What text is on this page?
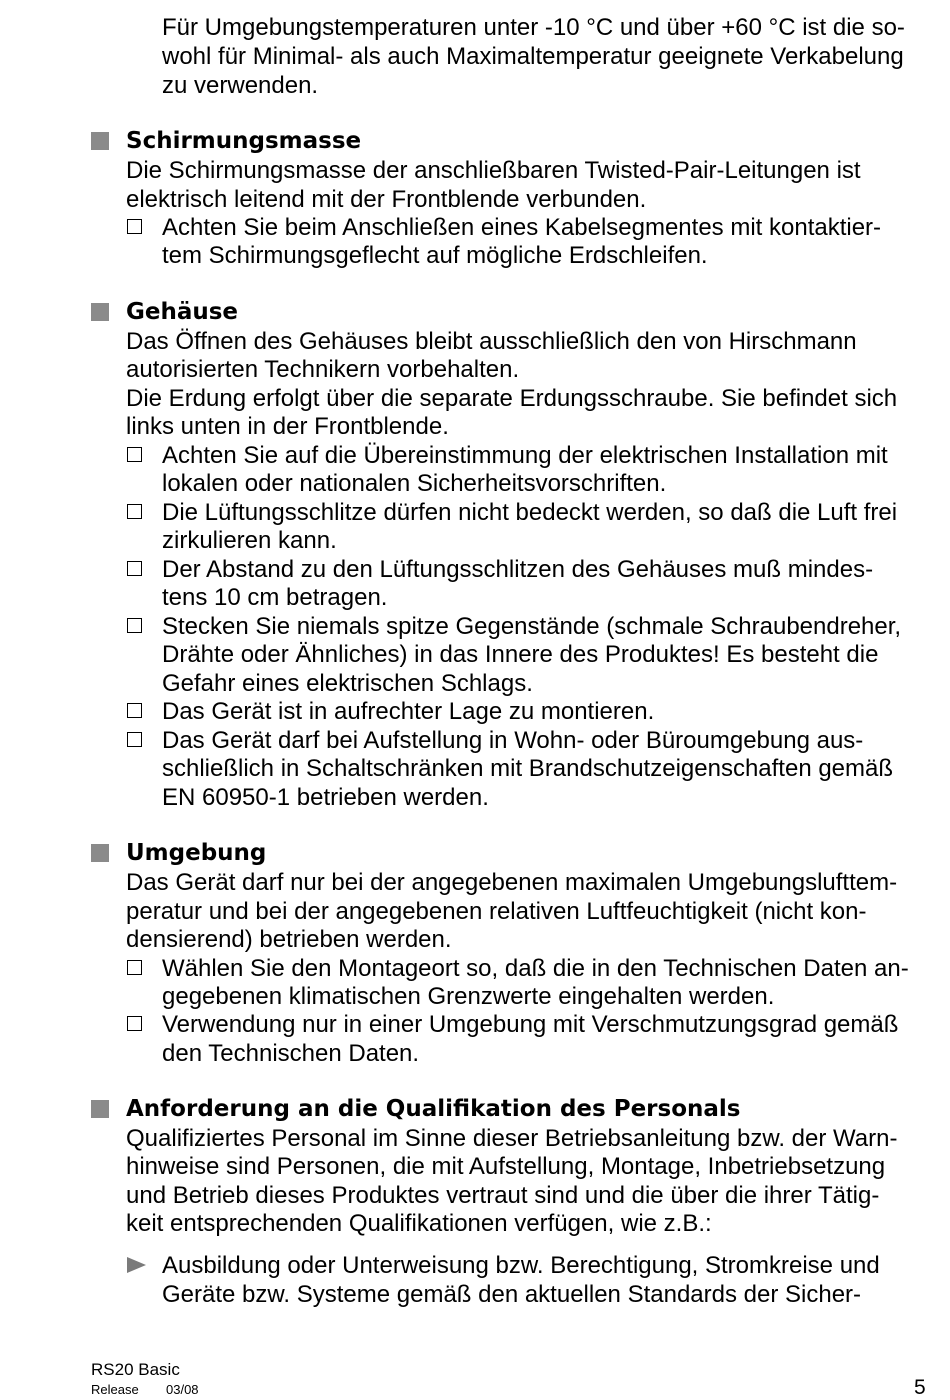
Für Umgebungstemperaturen unter -10 °C und über +60 °C ist die so-
wohl für Minimal- als auch Maximaltemperatur geeignete Verkabelung
zu verwenden.
Schirmungsmasse
Die Schirmungsmasse der anschließbaren Twisted-Pair-Leitungen ist
elektrisch leitend mit der Frontblende verbunden.
Achten Sie beim Anschließen eines Kabelsegmentes mit kontaktier-
tem Schirmungsgeflecht auf mögliche Erdschleifen.
Gehäuse
Das Öffnen des Gehäuses bleibt ausschließlich den von Hirschmann
autorisierten Technikern vorbehalten.
Die Erdung erfolgt über die separate Erdungsschraube. Sie befindet sich
links unten in der Frontblende.
Achten Sie auf die Übereinstimmung der elektrischen Installation mit
lokalen oder nationalen Sicherheitsvorschriften.
Die Lüftungsschlitze dürfen nicht bedeckt werden, so daß die Luft frei
zirkulieren kann.
Der Abstand zu den Lüftungsschlitzen des Gehäuses muß mindes-
tens 10 cm betragen.
Stecken Sie niemals spitze Gegenstände (schmale Schraubendreher,
Drähte oder Ähnliches) in das Innere des Produktes! Es besteht die
Gefahr eines elektrischen Schlags.
Das Gerät ist in aufrechter Lage zu montieren.
Das Gerät darf bei Aufstellung in Wohn- oder Büroumgebung aus-
schließlich in Schaltschränken mit Brandschutzeigenschaften gemäß
EN 60950-1 betrieben werden.
Umgebung
Das Gerät darf nur bei der angegebenen maximalen Umgebungslufttem-
peratur und bei der angegebenen relativen Luftfeuchtigkeit (nicht kon-
densierend) betrieben werden.
Wählen Sie den Montageort so, daß die in den Technischen Daten an-
gegebenen klimatischen Grenzwerte eingehalten werden.
Verwendung nur in einer Umgebung mit Verschmutzungsgrad gemäß
den Technischen Daten.
Anforderung an die Qualifikation des Personals
Qualifiziertes Personal im Sinne dieser Betriebsanleitung bzw. der Warn-
hinweise sind Personen, die mit Aufstellung, Montage, Inbetriebsetzung
und Betrieb dieses Produktes vertraut sind und die über die ihrer Tätig-
keit entsprechenden Qualifikationen verfügen, wie z.B.:
Ausbildung oder Unterweisung bzw. Berechtigung, Stromkreise und
Geräte bzw. Systeme gemäß den aktuellen Standards der Sicher-
RS20 Basic
Release 03/08	5
